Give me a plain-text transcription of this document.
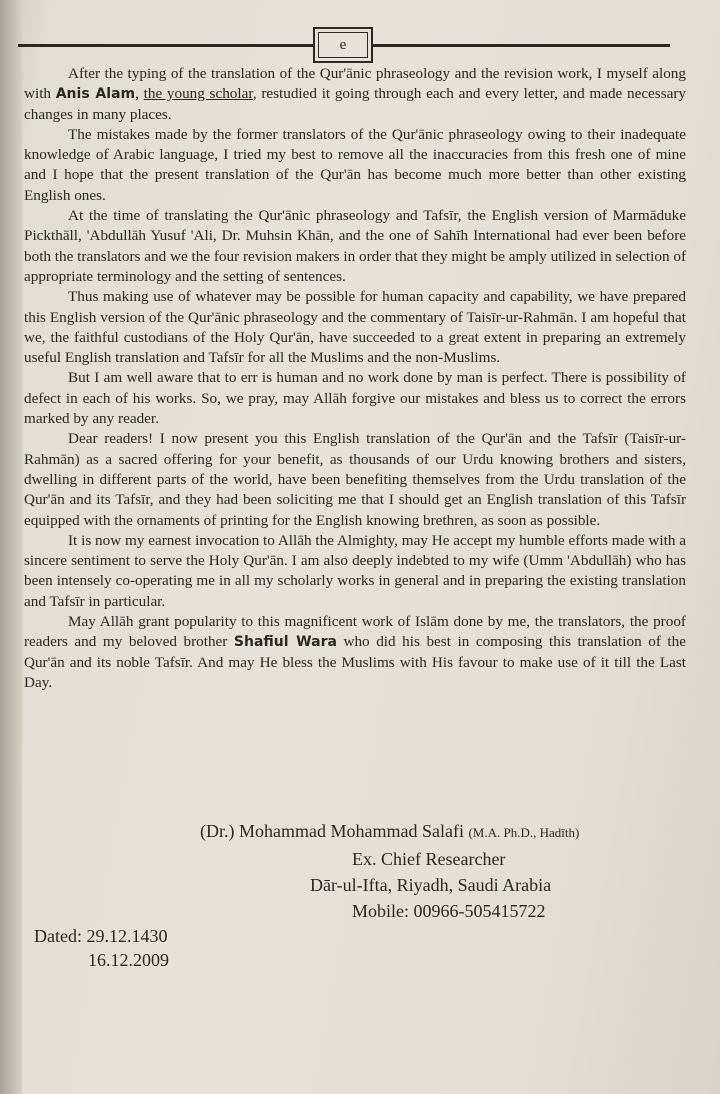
e

After the typing of the translation of the Qur'ānic phraseology and the revision work, I myself along with Anis Alam, the young scholar, restudied it going through each and every letter, and made necessary changes in many places.

The mistakes made by the former translators of the Qur'ānic phraseology owing to their inadequate knowledge of Arabic language, I tried my best to remove all the inaccuracies from this fresh one of mine and I hope that the present translation of the Qur'ān has become much more better than other existing English ones.

At the time of translating the Qur'ānic phraseology and Tafsīr, the English version of Marmāduke Pickthāll, 'Abdullāh Yusuf 'Ali, Dr. Muhsin Khān, and the one of Sahīh International had ever been before both the translators and we the four revision makers in order that they might be amply utilized in selection of appropriate terminology and the setting of sentences.

Thus making use of whatever may be possible for human capacity and capability, we have prepared this English version of the Qur'ānic phraseology and the commentary of Taisīr-ur-Rahmān. I am hopeful that we, the faithful custodians of the Holy Qur'ān, have succeeded to a great extent in preparing an extremely useful English translation and Tafsīr for all the Muslims and the non-Muslims.

But I am well aware that to err is human and no work done by man is perfect. There is possibility of defect in each of his works. So, we pray, may Allāh forgive our mistakes and bless us to correct the errors marked by any reader.

Dear readers! I now present you this English translation of the Qur'ān and the Tafsīr (Taisīr-ur-Rahmān) as a sacred offering for your benefit, as thousands of our Urdu knowing brothers and sisters, dwelling in different parts of the world, have been benefiting themselves from the Urdu translation of the Qur'ān and its Tafsīr, and they had been soliciting me that I should get an English translation of this Tafsīr equipped with the ornaments of printing for the English knowing brethren, as soon as possible.

It is now my earnest invocation to Allāh the Almighty, may He accept my humble efforts made with a sincere sentiment to serve the Holy Qur'ān. I am also deeply indebted to my wife (Umm 'Abdullāh) who has been intensely co-operating me in all my scholarly works in general and in preparing the existing translation and Tafsīr in particular.

May Allāh grant popularity to this magnificent work of Islām done by me, the translators, the proof readers and my beloved brother Shafiul Wara who did his best in composing this translation of the Qur'ān and its noble Tafsīr. And may He bless the Muslims with His favour to make use of it till the Last Day.

(Dr.) Mohammad Mohammad Salafi (M.A. Ph.D., Hadīth)
Ex. Chief Researcher
Dār-ul-Ifta, Riyadh, Saudi Arabia
Mobile: 00966-505415722
Dated: 29.12.1430
16.12.2009
